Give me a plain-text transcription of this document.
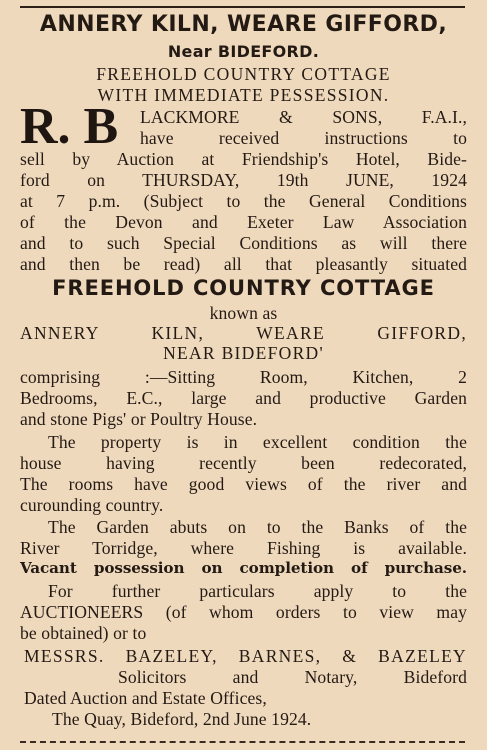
ANNERY KILN, WEARE GIFFORD,
Near BIDEFORD.
FREEHOLD COUNTRY COTTAGE
WITH IMMEDIATE PESSESSION.
R. B LACKMORE & SONS, F.A.I.,
have received instructions to
sell by Auction at Friendship's Hotel, Bide-
ford on THURSDAY, 19th JUNE, 1924
at 7 p.m. (Subject to the General Conditions
of the Devon and Exeter Law Association
and to such Special Conditions as will there
and then be read) all that pleasantly situated
FREEHOLD COUNTRY COTTAGE
known as
ANNERY KILN, WEARE GIFFORD,
NEAR BIDEFORD'
comprising :—Sitting Room, Kitchen, 2
Bedrooms, E.C., large and productive Garden
and stone Pigs' or Poultry House.
The property is in excellent condition the
house having recently been redecorated,
The rooms have good views of the river and
curounding country.
The Garden abuts on to the Banks of the
River Torridge, where Fishing is available.
Vacant possession on completion of purchase.
For further particulars apply to the
AUCTIONEERS (of whom orders to view may
be obtained) or to
MESSRS. BAZELEY, BARNES, & BAZELEY
Solicitors and Notary, Bideford
Dated Auction and Estate Offices,
The Quay, Bideford, 2nd June 1924.
